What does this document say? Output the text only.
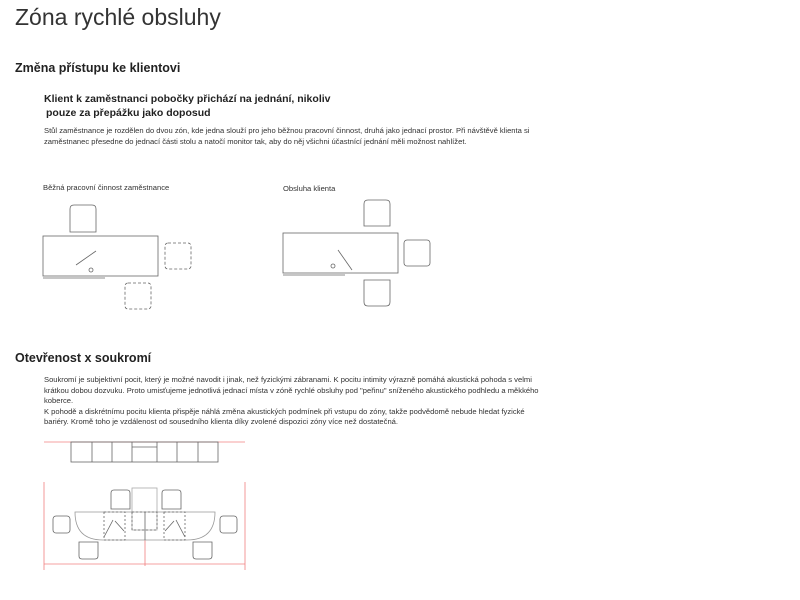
Zóna rychlé obsluhy
Změna přístupu ke klientovi
Klient k zaměstnanci pobočky přichází na jednání, nikoliv
pouze za přepážku jako doposud
Stůl zaměstnance je rozdělen do dvou zón, kde jedna slouží pro jeho běžnou pracovní činnost, druhá jako jednací prostor. Při návštěvě klienta si zaměstnanec přesedne do jednací části stolu a natočí monitor tak, aby do něj všichni účastnící jednání měli možnost nahlížet.
Běžná pracovní činnost zaměstnance	Obsluha klienta
Otevřenost x soukromí
Soukromí je subjektivní pocit, který je možné navodit i jinak, než fyzickými zábranami. K pocitu intimity výrazně pomáhá akustická pohoda s velmi krátkou dobou dozvuku. Proto umisťujeme jednotlivá jednací místa v zóně rychlé obsluhy pod "peřinu" sníženého akustického podhledu a měkkého koberce.
K pohodě a diskrétnímu pocitu klienta přispěje náhlá změna akustických podmínek při vstupu do zóny, takže podvědomě nebude hledat fyzické bariéry. Kromě toho je vzdálenost od sousedního klienta díky zvolené dispozici zóny více než dostatečná.
